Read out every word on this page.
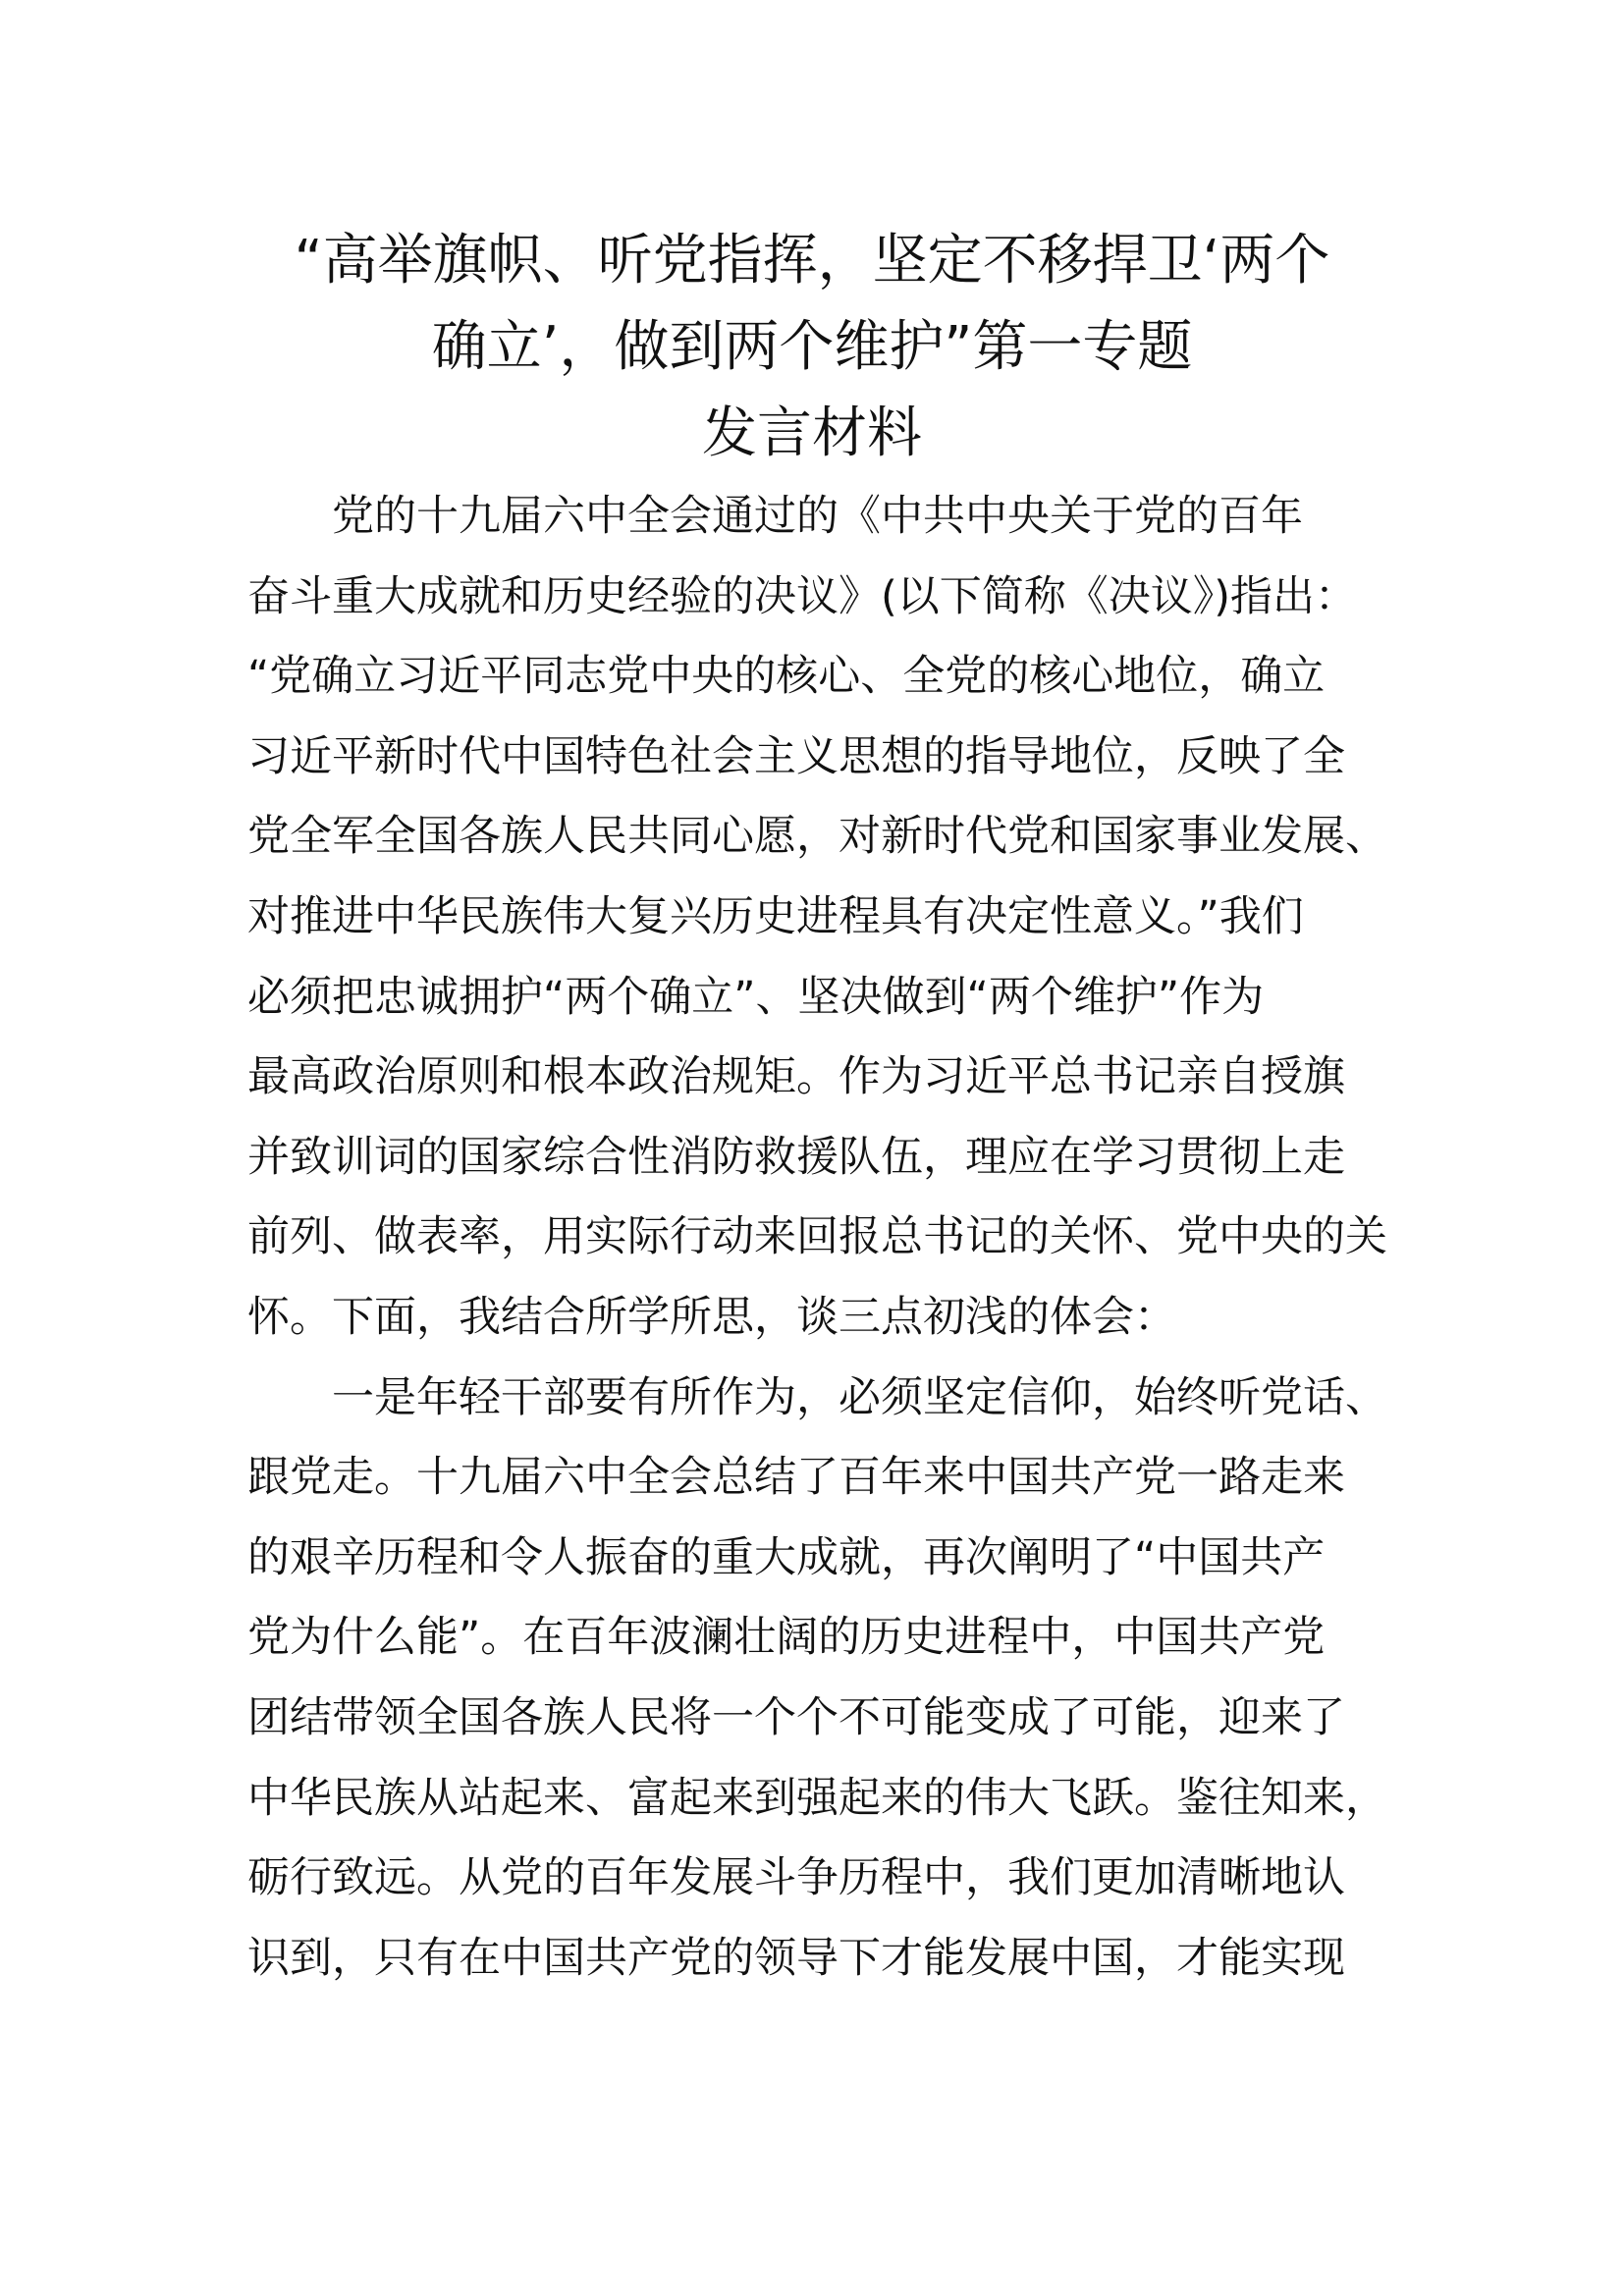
“高举旗帜、听党指挥，坚定不移捍卫‘两个
确立’，做到两个维护”第一专题
发言材料
　　党的十九届六中全会通过的《中共中央关于党的百年
奋斗重大成就和历史经验的决议》(以下简称《决议》)指出：
“党确立习近平同志党中央的核心、全党的核心地位，确立
习近平新时代中国特色社会主义思想的指导地位，反映了全
党全军全国各族人民共同心愿，对新时代党和国家事业发展、
对推进中华民族伟大复兴历史进程具有决定性意义。”我们
必须把忠诚拥护“两个确立”、坚决做到“两个维护”作为
最高政治原则和根本政治规矩。作为习近平总书记亲自授旗
并致训词的国家综合性消防救援队伍，理应在学习贯彻上走
前列、做表率，用实际行动来回报总书记的关怀、党中央的关
怀。下面，我结合所学所思，谈三点初浅的体会：
　　一是年轻干部要有所作为，必须坚定信仰，始终听党话、
跟党走。十九届六中全会总结了百年来中国共产党一路走来
的艰辛历程和令人振奋的重大成就，再次阐明了“中国共产
党为什么能”。在百年波澜壮阔的历史进程中，中国共产党
团结带领全国各族人民将一个个不可能变成了可能，迎来了
中华民族从站起来、富起来到强起来的伟大飞跃。鉴往知来，
砺行致远。从党的百年发展斗争历程中，我们更加清晰地认
识到，只有在中国共产党的领导下才能发展中国，才能实现
